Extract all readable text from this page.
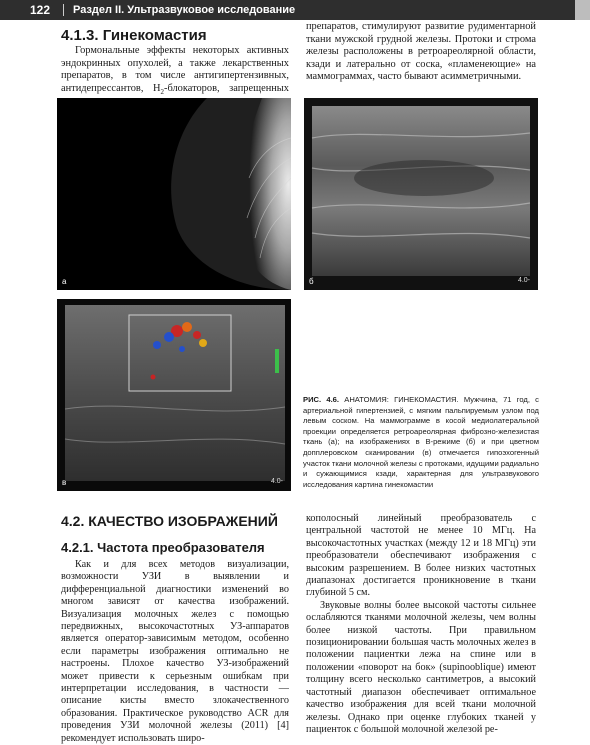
122 Раздел II. Ультразвуковое исследование
4.1.3. Гинекомастия

Гормональные эффекты некоторых активных эндокринных опухолей, а также лекарственных препаратов, в том числе антигипертензивных, антидепрессантов, $H_2$-блокаторов, запрещенных

препаратов, стимулируют развитие рудиментарной ткани мужской грудной железы. Протоки и строма железы расположены в ретроареолярной области, кзади и латерально от соска, «пламенеющие» на маммограммах, часто бывают асимметричными.

а	б	4.0-
в	4.0-
РИС. 4.6. АНАТОМИЯ: ГИНЕКОМАСТИЯ. Мужчина, 71 год, с артериальной гипертензией, с мягким пальпируемым узлом под левым соском. На маммограмме в косой медиолатеральной проекции определяется ретроареолярная фиброзно-железистая ткань (а); на изображениях в B-режиме (б) и при цветном допплеровском сканировании (в) отмечается гипоэхогенный участок ткани молочной железы с протоками, идущими радиально и сужающимися кзади, характерная для ультразвукового исследования картина гинекомастии
4.2. КАЧЕСТВО ИЗОБРАЖЕНИЙ
4.2.1. Частота преобразователя

Как и для всех методов визуализации, возможности УЗИ в выявлении и дифференциальной диагностики изменений во многом зависят от качества изображений. Визуализация молочных желез с помощью передвижных, высокочастотных УЗ-аппаратов является оператор-зависимым методом, особенно если параметры изображения оптимально не настроены. Плохое качество УЗ-изображений может привести к серьезным ошибкам при интерпретации исследования, в частности — описание кисты вместо злокачественного образования. Практическое руководство ACR для проведения УЗИ молочной железы (2011) [4] рекомендует использовать широ-

кополосный линейный преобразователь с центральной частотой не менее 10 МГц. На высокочастотных участках (между 12 и 18 МГц) эти преобразователи обеспечивают изображения с высоким разрешением. В более низких частотных диапазонах достигается проникновение в ткани глубиной 5 см.

Звуковые волны более высокой частоты сильнее ослабляются тканями молочной железы, чем волны более низкой частоты. При правильном позиционировании большая часть молочных желез в положении пациентки лежа на спине или в положении «поворот на бок» (supinoоblique) имеют толщину всего несколько сантиметров, а высокий частотный диапазон обеспечивает оптимальное качество изображения для всей ткани молочной железы. Однако при оценке глубоких тканей у пациенток с большой молочной железой ре-
